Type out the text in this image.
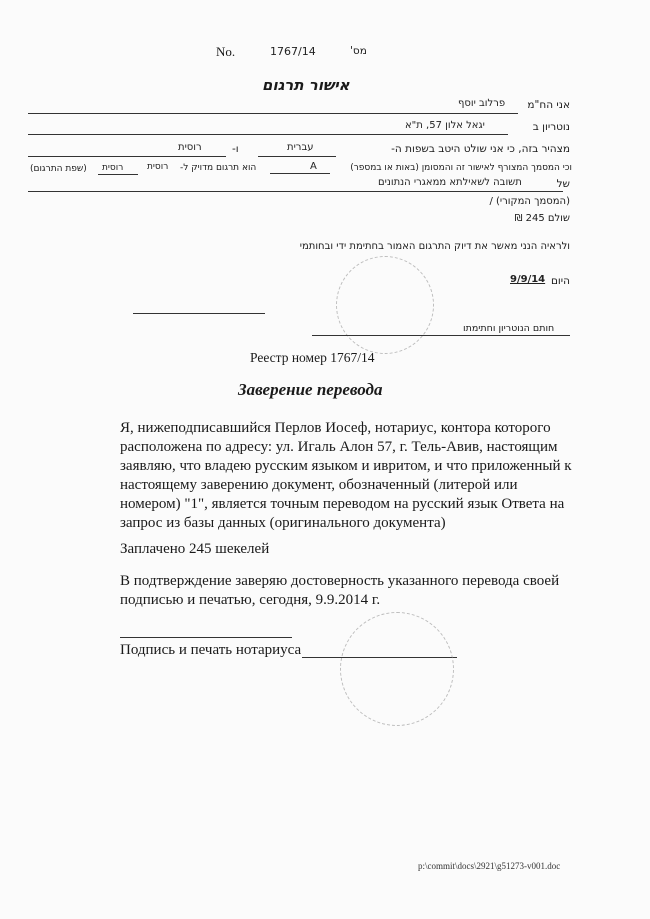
No.	1767/14	מס'
אישור תרגום
אני הח"מ
פרלוב יוסף
נוטריון ב
יגאל אלון 57, ת"א
מצהיר בזה, כי אני שולט היטב בשפות ה-
עברית
ו-
רוסית
וכי המסמך המצורף לאישור זה והמסומן (באות או במספר)
A
הוא תרגום מדויק ל-
רוסית
רוסית
(שפת התרגום)
של
תשובה לשאילתא ממאגרי הנתונים
(המסמך המקורי) /
שולם 245 ₪
ולראיה הנני מאשר את דיוק התרגום האמור בחתימת ידי ובחותמי
היום
9/9/14
חותם הנוטריון וחתימתו
Реестр номер 1767/14
Заверение перевода
Я, нижеподписавшийся Перлов Иосеф, нотариус, контора которого
расположена по адресу: ул. Игаль Алон 57, г. Тель-Авив, настоящим
заявляю, что владею русским языком и ивритом, и что приложенный к
настоящему заверению документ, обозначенный (литерой или
номером) "1", является точным переводом на русский язык Ответа на
запрос из базы данных (оригинального документа)
Заплачено 245 шекелей
В подтверждение заверяю достоверность указанного перевода своей
подписью и печатью, сегодня, 9.9.2014 г.
Подпись и печать нотариуса
p:\commit\docs\2921\g51273-v001.doc
